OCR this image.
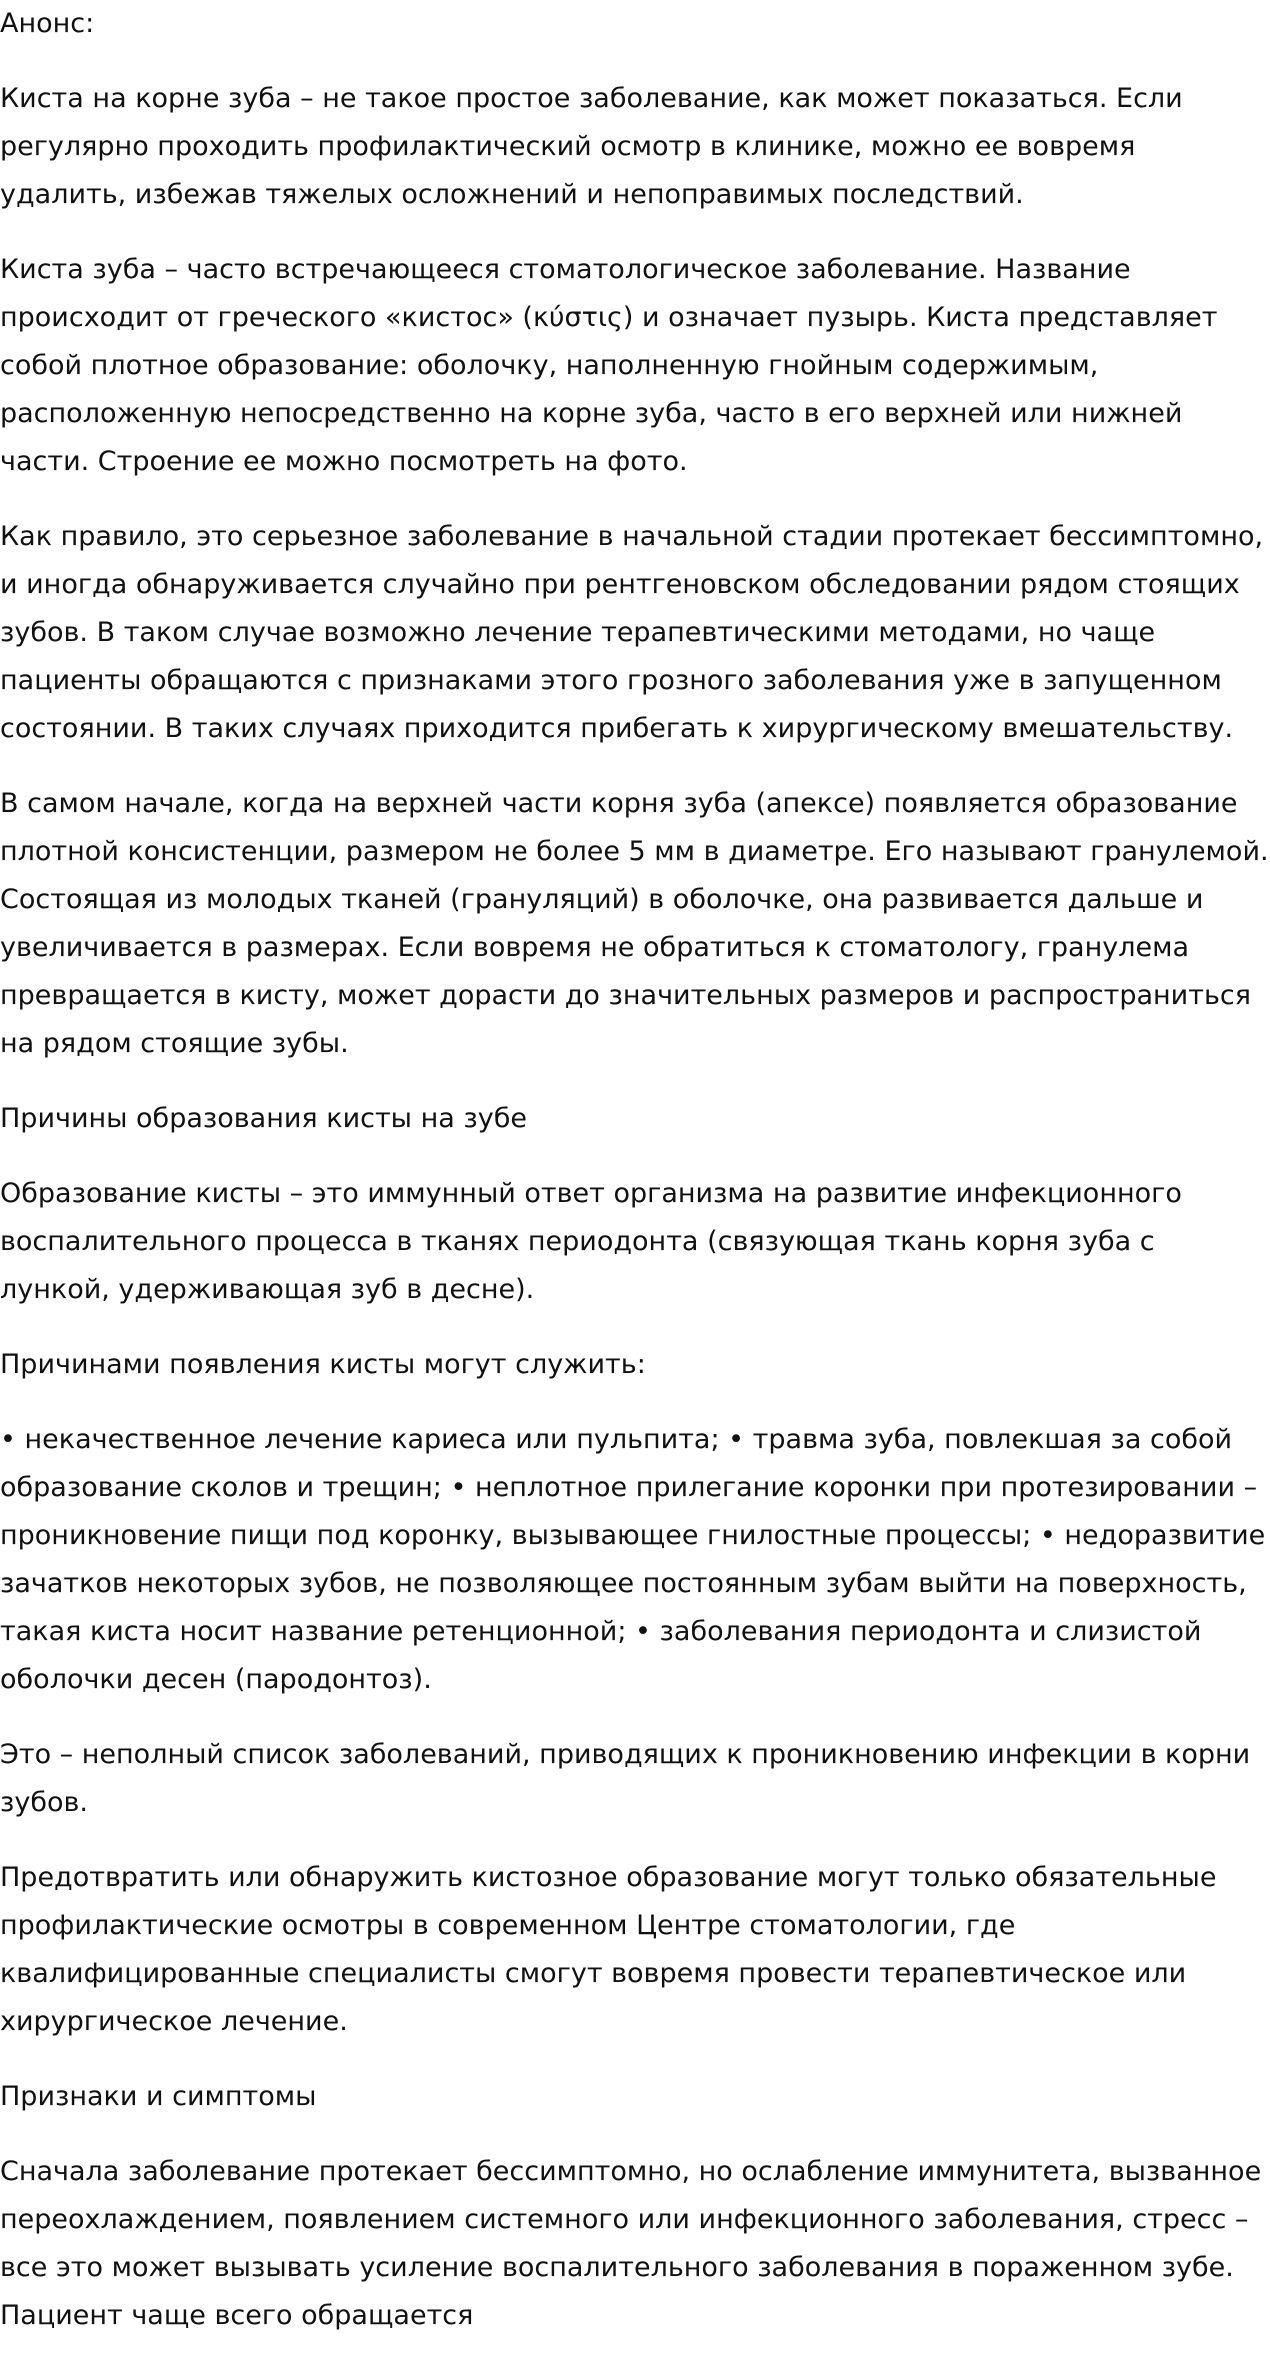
Анонс:

Киста на корне зуба – не такое простое заболевание, как может показаться. Если регулярно проходить профилактический осмотр в клинике, можно ее вовремя удалить, избежав тяжелых осложнений и непоправимых последствий.

Киста зуба – часто встречающееся стоматологическое заболевание. Название происходит от греческого «кистос» (κύστις) и означает пузырь. Киста представляет собой плотное образование: оболочку, наполненную гнойным содержимым, расположенную непосредственно на корне зуба, часто в его верхней или нижней части. Строение ее можно посмотреть на фото.

Как правило, это серьезное заболевание в начальной стадии протекает бессимптомно, и иногда обнаруживается случайно при рентгеновском обследовании рядом стоящих зубов. В таком случае возможно лечение терапевтическими методами, но чаще пациенты обращаются с признаками этого грозного заболевания уже в запущенном состоянии. В таких случаях приходится прибегать к хирургическому вмешательству.

В самом начале, когда на верхней части корня зуба (апексе) появляется образование плотной консистенции, размером не более 5 мм в диаметре. Его называют гранулемой. Состоящая из молодых тканей (грануляций) в оболочке, она развивается дальше и увеличивается в размерах. Если вовремя не обратиться к стоматологу, гранулема превращается в кисту, может дорасти до значительных размеров и распространиться на рядом стоящие зубы.

Причины образования кисты на зубе

Образование кисты – это иммунный ответ организма на развитие инфекционного воспалительного процесса в тканях периодонта (связующая ткань корня зуба с лункой, удерживающая зуб в десне).

Причинами появления кисты могут служить:

• некачественное лечение кариеса или пульпита; • травма зуба, повлекшая за собой образование сколов и трещин; • неплотное прилегание коронки при протезировании – проникновение пищи под коронку, вызывающее гнилостные процессы; • недоразвитие зачатков некоторых зубов, не позволяющее постоянным зубам выйти на поверхность, такая киста носит название ретенционной; • заболевания периодонта и слизистой оболочки десен (пародонтоз).

Это – неполный список заболеваний, приводящих к проникновению инфекции в корни зубов.

Предотвратить или обнаружить кистозное образование могут только обязательные профилактические осмотры в современном Центре стоматологии, где квалифицированные специалисты смогут вовремя провести терапевтическое или хирургическое лечение.

Признаки и симптомы

Сначала заболевание протекает бессимптомно, но ослабление иммунитета, вызванное переохлаждением, появлением системного или инфекционного заболевания, стресс – все это может вызывать усиление воспалительного заболевания в пораженном зубе. Пациент чаще всего обращается
